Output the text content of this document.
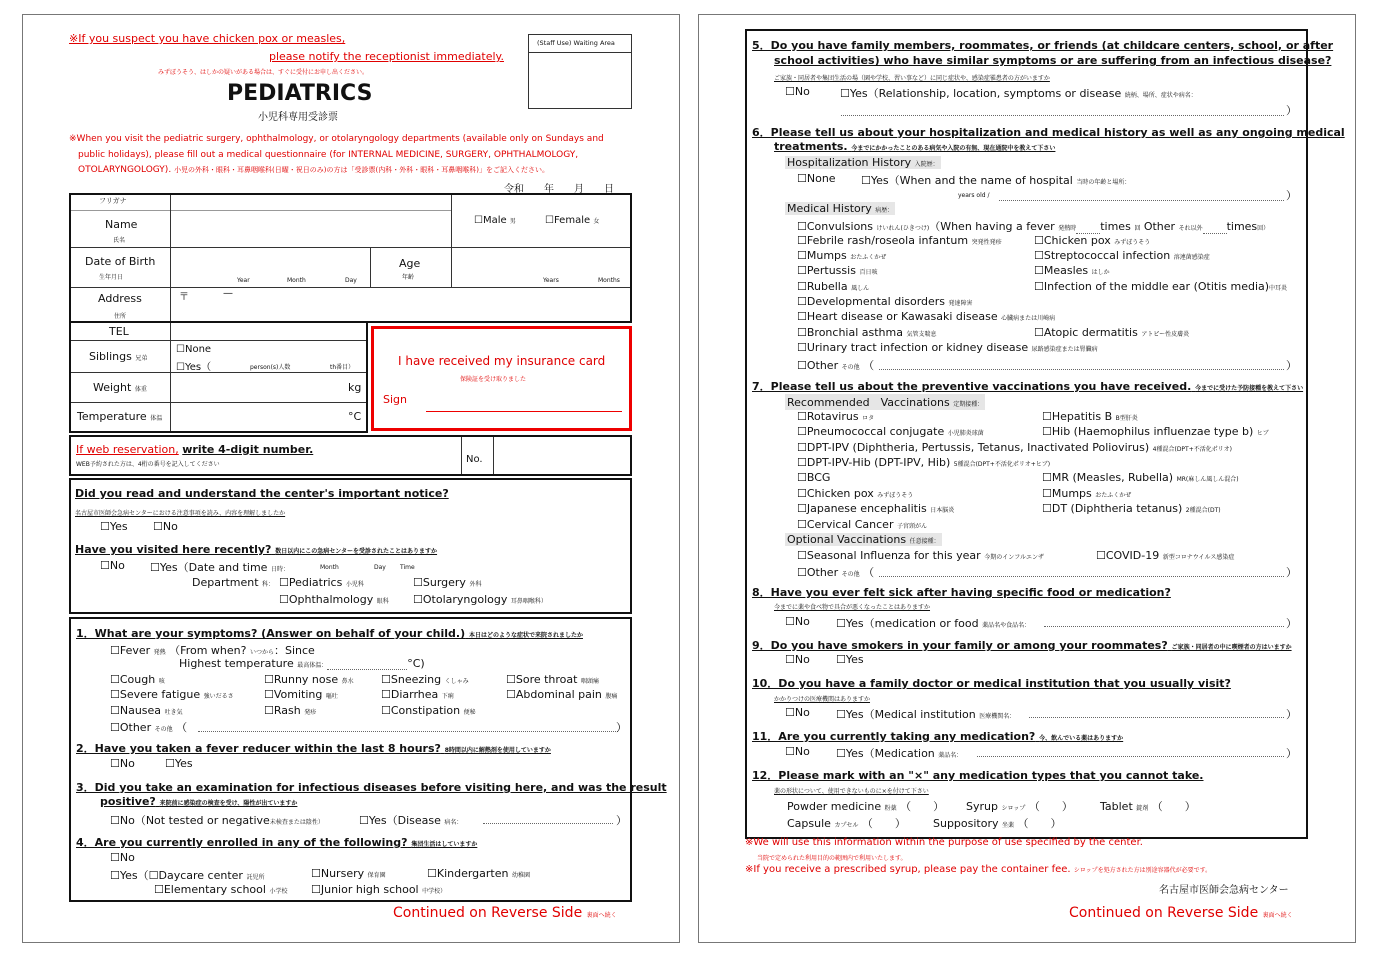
※If you suspect you have chicken pox or measles,
please notify the receptionist immediately.
みずぼうそう、はしかの疑いがある場合は、すぐに受付にお申し出ください。
(Staff Use) Waiting Area
PEDIATRICS
小児科専用受診票
※When you visit the pediatric surgery, ophthalmology, or otolaryngology departments (available only on Sundays and
public holidays), please fill out a medical questionnaire (for INTERNAL MEDICINE, SURGERY, OPHTHALMOLOGY,
OTOLARYNGOLOGY). 小児の外科・眼科・耳鼻咽喉科(日曜・祝日のみ)の方は「受診票(内科・外科・眼科・耳鼻咽喉科)」をご記入ください。
令和　　年　　月　　日
フリガナ
Name
氏名
☐Male 男	☐Female 女
Date of Birth
生年月日	Year	Month	Day
Age
年齢	Years	Months
Address
住所
〒	—
TEL
Siblings 兄弟
☐None
☐Yes（	person(s)人数	th番目）
Weight 体重	kg
Temperature 体温	°C
I have received my insurance card
保険証を受け取りました
Sign
If web reservation, write 4-digit number.
WEB予約された方は、4桁の番号を記入してください	No.
Did you read and understand the center's important notice?
名古屋市医師会急病センターにおける注意事項を読み、内容を理解しましたか
☐Yes ☐No
Have you visited here recently? 数日以内にこの急病センターを受診されたことはありますか
☐No ☐Yes（Date and time 日時：	Month	Day Time
Department 科： ☐Pediatrics 小児科	☐Surgery 外科
☐Ophthalmology 眼科 ☐Otolaryngology 耳鼻咽喉科）
1．What are your symptoms? (Answer on behalf of your child.) 本日はどのような症状で来院されましたか
☐Fever 発熱 （From when? いつから：Since
Highest temperature 最高体温：	°C)
☐Cough 咳	☐Runny nose 鼻水 ☐Sneezing くしゃみ	☐Sore throat 咽頭痛
☐Severe fatigue 強いだるさ	☐Vomiting 嘔吐	☐Diarrhea 下痢	☐Abdominal pain 腹痛
☐Nausea 吐き気	☐Rash 発疹	☐Constipation 便秘
☐Other その他 （	）
2．Have you taken a fever reducer within the last 8 hours? 8時間以内に解熱剤を使用していますか
☐No	☐Yes
3．Did you take an examination for infectious diseases before visiting here, and was the result
positive? 来院前に感染症の検査を受け、陽性が出ていますか
☐No（Not tested or negative未検査または陰性）	☐Yes（Disease 病名：	）
4．Are you currently enrolled in any of the following? 集団生活はしていますか
☐No
☐Yes（☐Daycare center 託児所	☐Nursery 保育園	☐Kindergarten 幼稚園
☐Elementary school 小学校 ☐Junior high school 中学校）
Continued on Reverse Side 裏面へ続く
5．Do you have family members, roommates, or friends (at childcare centers, school, or after
school activities) who have similar symptoms or are suffering from an infectious disease?
ご家族・同居者や集団生活の場（園や学校、習い事など）に同じ症状や、感染症罹患者の方がいますか
☐No	☐Yes（Relationship, location, symptoms or disease 続柄、場所、症状や病名：
）
6．Please tell us about your hospitalization and medical history as well as any ongoing medical
treatments. 今までにかかったことのある病気や入院の有無、現在通院中を教えて下さい
Hospitalization History 入院歴：
☐None ☐Yes（When and the name of hospital 当時の年齢と場所：
years old /	）
Medical History 病歴：
☐Convulsions けいれん(ひきつけ)（When having a fever 発熱時 times 回 Other それ以外 times回）
☐Febrile rash/roseola infantum 突発性発疹	☐Chicken pox みずぼうそう
☐Mumps おたふくかぜ	☐Streptococcal infection 溶連菌感染症
☐Pertussis 百日咳	☐Measles はしか
☐Rubella 風しん	☐Infection of the middle ear (Otitis media)中耳炎
☐Developmental disorders 発達障害
☐Heart disease or Kawasaki disease 心臓病または川崎病
☐Bronchial asthma 気管支喘息	☐Atopic dermatitis アトピー性皮膚炎
☐Urinary tract infection or kidney disease 尿路感染症または腎臓病
☐Other その他 （	）
7．Please tell us about the preventive vaccinations you have received. 今までに受けた予防接種を教えて下さい
Recommended　Vaccinations 定期接種：
☐Rotavirus ロタ	☐Hepatitis B B型肝炎
☐Pneumococcal conjugate 小児肺炎球菌	☐Hib (Haemophilus influenzae type b) ヒブ
☐DPT-IPV (Diphtheria, Pertussis, Tetanus, Inactivated Poliovirus) 4種混合(DPT+不活化ポリオ)
☐DPT-IPV-Hib (DPT-IPV, Hib) 5種混合(DPT+不活化ポリオ+ヒブ)
☐BCG	☐MR (Measles, Rubella) MR(麻しん風しん混合)
☐Chicken pox みずぼうそう	☐Mumps おたふくかぜ
☐Japanese encephalitis 日本脳炎	☐DT (Diphtheria tetanus) 2種混合(DT)
☐Cervical Cancer 子宮頸がん
Optional Vaccinations 任意接種：
☐Seasonal Influenza for this year 今期のインフルエンザ	☐COVID-19 新型コロナウイルス感染症
☐Other その他 （	）
8．Have you ever felt sick after having specific food or medication?
今までに薬や食べ物で具合が悪くなったことはありますか
☐No ☐Yes（medication or food 薬品名や食品名：	）
9．Do you have smokers in your family or among your roommates? ご家族・同居者の中に喫煙者の方はいますか
☐No ☐Yes
10．Do you have a family doctor or medical institution that you usually visit?
かかりつけの医療機関はありますか
☐No ☐Yes（Medical institution 医療機関名：	）
11．Are you currently taking any medication? 今、飲んでいる薬はありますか
☐No ☐Yes（Medication 薬品名：	）
12．Please mark with an "×" any medication types that you cannot take.
薬の形状について、使用できないものに×を付けて下さい
Powder medicine 粉薬 （　　） Syrup シロップ （　　） Tablet 錠剤 （　　）
Capsule カプセル （　　） Suppository 坐薬 （　　）
※We will use this information within the purpose of use specified by the center.
当院で定められた利用目的の範囲内で利用いたします。
※If you receive a prescribed syrup, please pay the container fee. シロップを処方された方は別途容器代が必要です。
名古屋市医師会急病センター
Continued on Reverse Side 裏面へ続く
